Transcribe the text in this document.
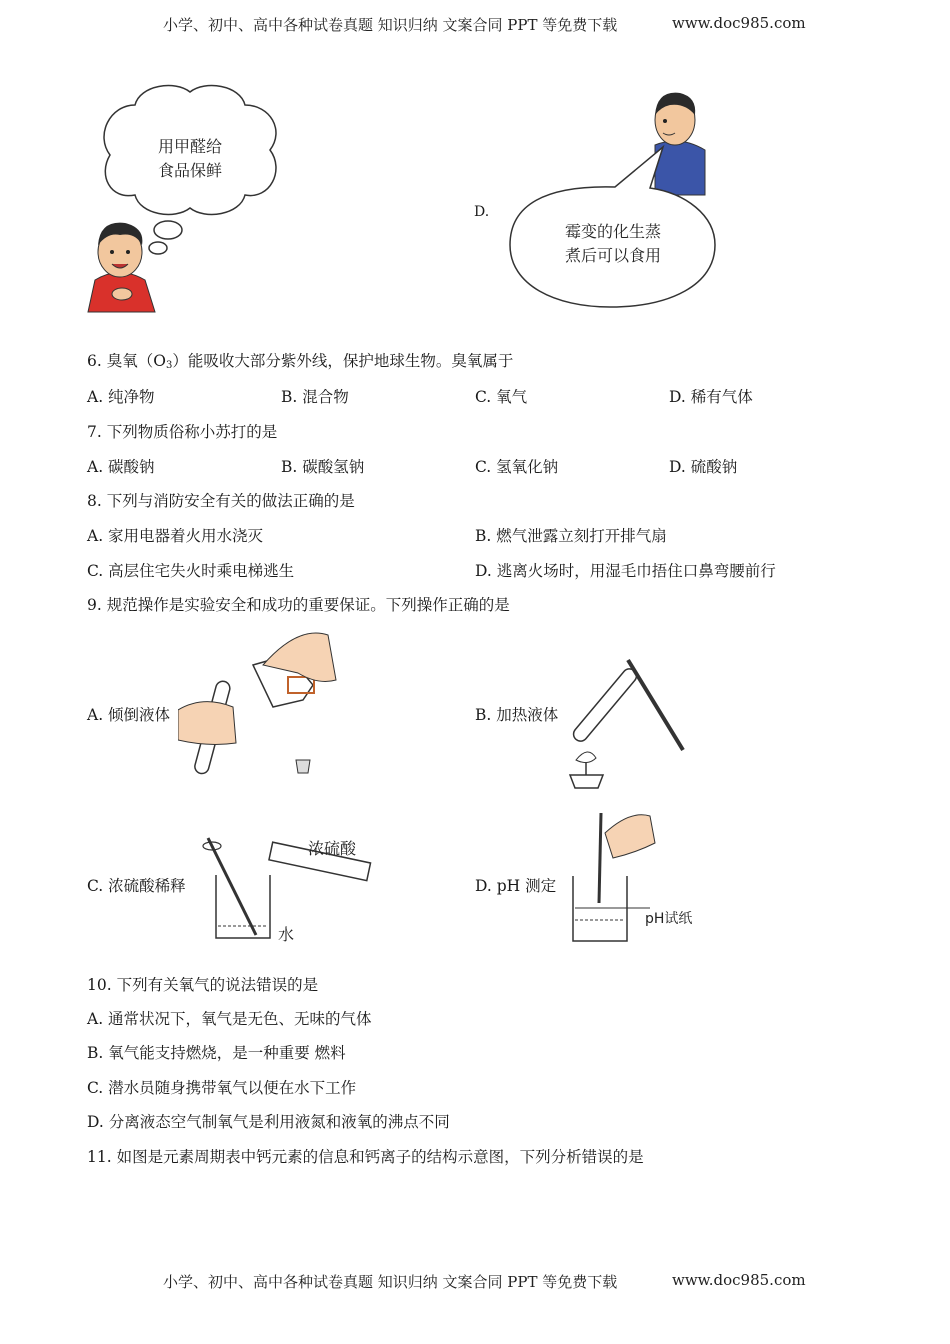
小学、初中、高中各种试卷真题 知识归纳 文案合同 PPT 等免费下载	www.doc985.com
用甲醛给
食品保鲜
D.
霉变的化生蒸
煮后可以食用
6. 臭氧$(O_3)$能吸收大部分紫外线，保护地球生物。臭氧属于
A. 纯净物	B. 混合物	C. 氧气	D. 稀有气体
7. 下列物质俗称小苏打的是
A. 碳酸钠	B. 碳酸氢钠	C. 氢氧化钠	D. 硫酸钠
8. 下列与消防安全有关的做法正确的是
A. 家用电器着火用水浇灭	B. 燃气泄露立刻打开排气扇
C. 高层住宅失火时乘电梯逃生	D. 逃离火场时，用湿毛巾捂住口鼻弯腰前行
9. 规范操作是实验安全和成功的重要保证。下列操作正确的是
A. 倾倒液体	B. 加热液体
C. 浓硫酸稀释
浓硫酸
水
D. pH 测定
pH试纸
10. 下列有关氧气的说法错误的是
A. 通常状况下，氧气是无色、无味的气体
B. 氧气能支持燃烧，是一种重要 燃料
C. 潜水员随身携带氧气以便在水下工作
D. 分离液态空气制氧气是利用液氮和液氧的沸点不同
11. 如图是元素周期表中钙元素的信息和钙离子的结构示意图，下列分析错误的是
小学、初中、高中各种试卷真题 知识归纳 文案合同 PPT 等免费下载	www.doc985.com
